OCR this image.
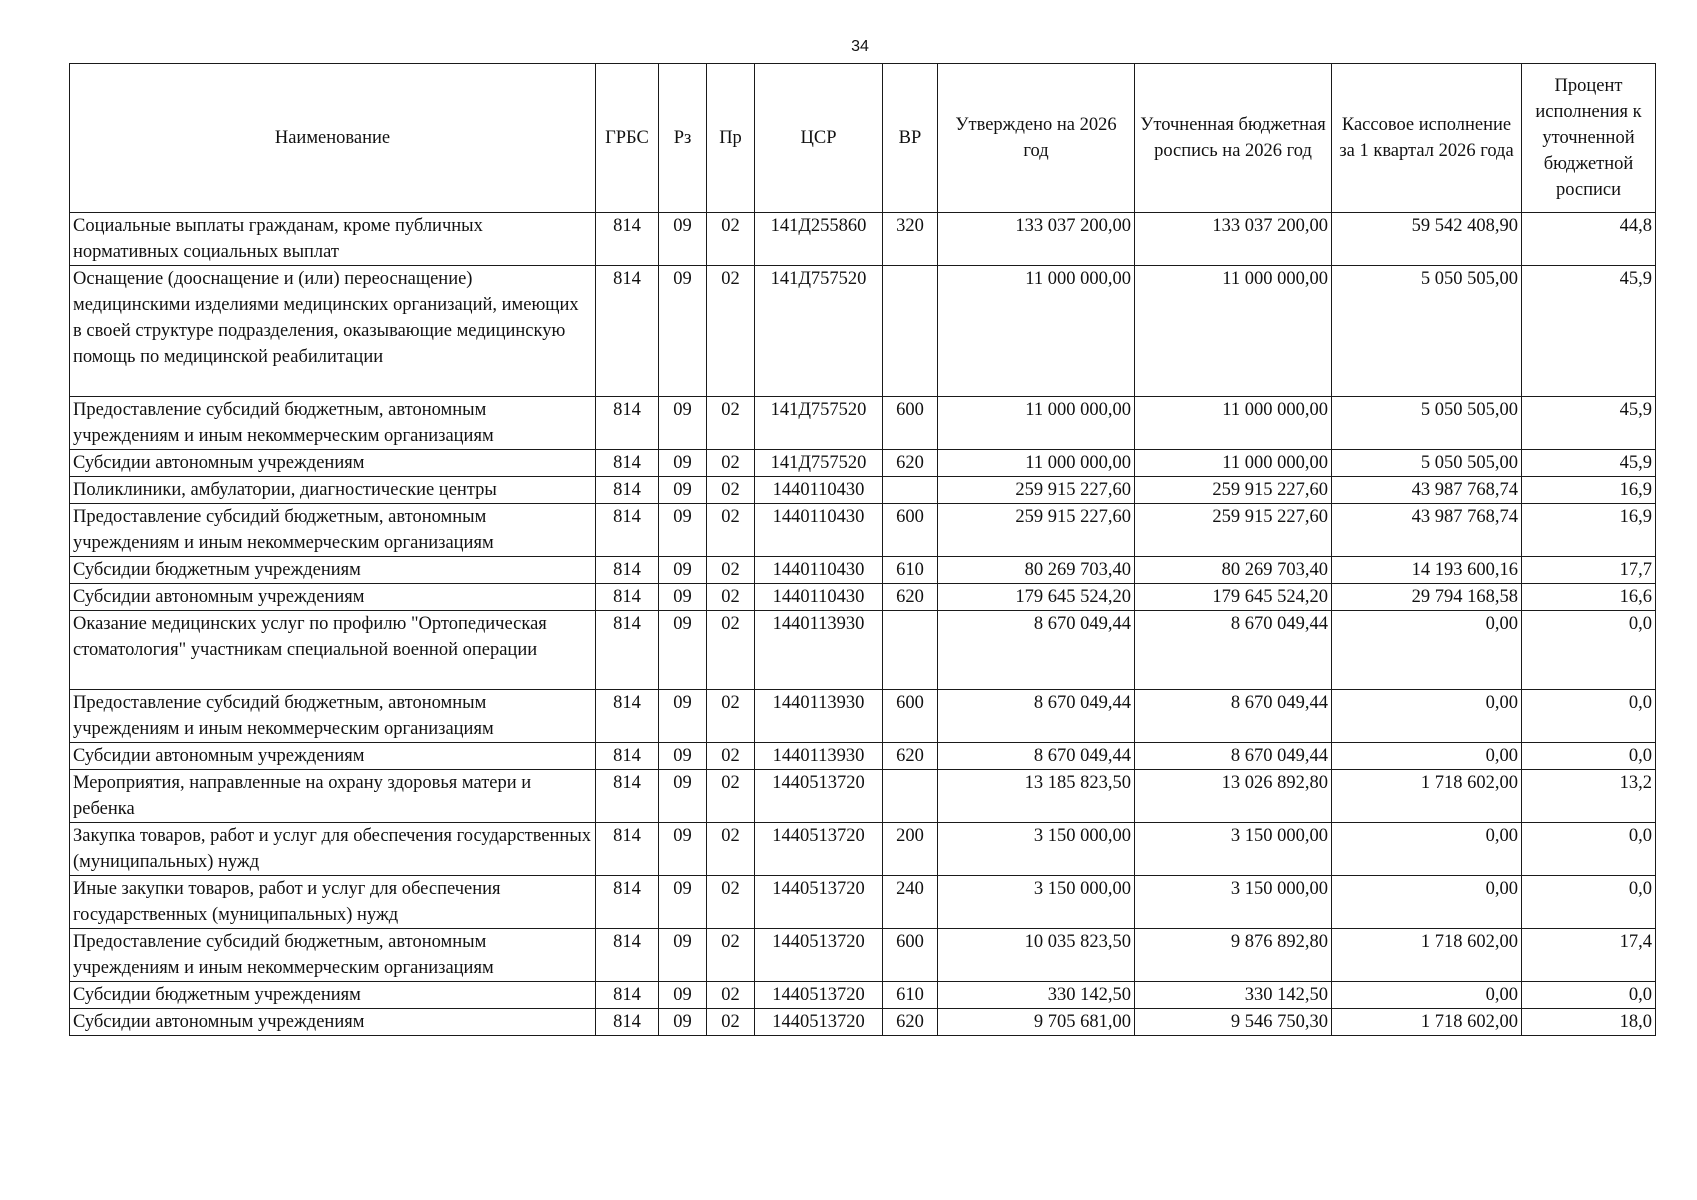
34
Наименование	ГРБС	Рз	Пр	ЦСР	ВР	Утверждено на 2026 год	Уточненная бюджетная роспись на 2026 год	Кассовое исполнение за 1 квартал 2026 года	Процент исполнения к уточненной бюджетной росписи
Социальные выплаты гражданам, кроме публичных нормативных социальных выплат	814	09	02	141Д255860	320	133 037 200,00	133 037 200,00	59 542 408,90	44,8
Оснащение (дооснащение и (или) переоснащение) медицинскими изделиями медицинских организаций, имеющих в своей структуре подразделения, оказывающие медицинскую помощь по медицинской реабилитации	814	09	02	141Д757520		11 000 000,00	11 000 000,00	5 050 505,00	45,9
Предоставление субсидий бюджетным, автономным учреждениям и иным некоммерческим организациям	814	09	02	141Д757520	600	11 000 000,00	11 000 000,00	5 050 505,00	45,9
Субсидии автономным учреждениям	814	09	02	141Д757520	620	11 000 000,00	11 000 000,00	5 050 505,00	45,9
Поликлиники, амбулатории, диагностические центры	814	09	02	1440110430		259 915 227,60	259 915 227,60	43 987 768,74	16,9
Предоставление субсидий бюджетным, автономным учреждениям и иным некоммерческим организациям	814	09	02	1440110430	600	259 915 227,60	259 915 227,60	43 987 768,74	16,9
Субсидии бюджетным учреждениям	814	09	02	1440110430	610	80 269 703,40	80 269 703,40	14 193 600,16	17,7
Субсидии автономным учреждениям	814	09	02	1440110430	620	179 645 524,20	179 645 524,20	29 794 168,58	16,6
Оказание медицинских услуг по профилю "Ортопедическая стоматология" участникам специальной военной операции	814	09	02	1440113930		8 670 049,44	8 670 049,44	0,00	0,0
Предоставление субсидий бюджетным, автономным учреждениям и иным некоммерческим организациям	814	09	02	1440113930	600	8 670 049,44	8 670 049,44	0,00	0,0
Субсидии автономным учреждениям	814	09	02	1440113930	620	8 670 049,44	8 670 049,44	0,00	0,0
Мероприятия, направленные на охрану здоровья матери и ребенка	814	09	02	1440513720		13 185 823,50	13 026 892,80	1 718 602,00	13,2
Закупка товаров, работ и услуг для обеспечения государственных (муниципальных) нужд	814	09	02	1440513720	200	3 150 000,00	3 150 000,00	0,00	0,0
Иные закупки товаров, работ и услуг для обеспечения государственных (муниципальных) нужд	814	09	02	1440513720	240	3 150 000,00	3 150 000,00	0,00	0,0
Предоставление субсидий бюджетным, автономным учреждениям и иным некоммерческим организациям	814	09	02	1440513720	600	10 035 823,50	9 876 892,80	1 718 602,00	17,4
Субсидии бюджетным учреждениям	814	09	02	1440513720	610	330 142,50	330 142,50	0,00	0,0
Субсидии автономным учреждениям	814	09	02	1440513720	620	9 705 681,00	9 546 750,30	1 718 602,00	18,0
